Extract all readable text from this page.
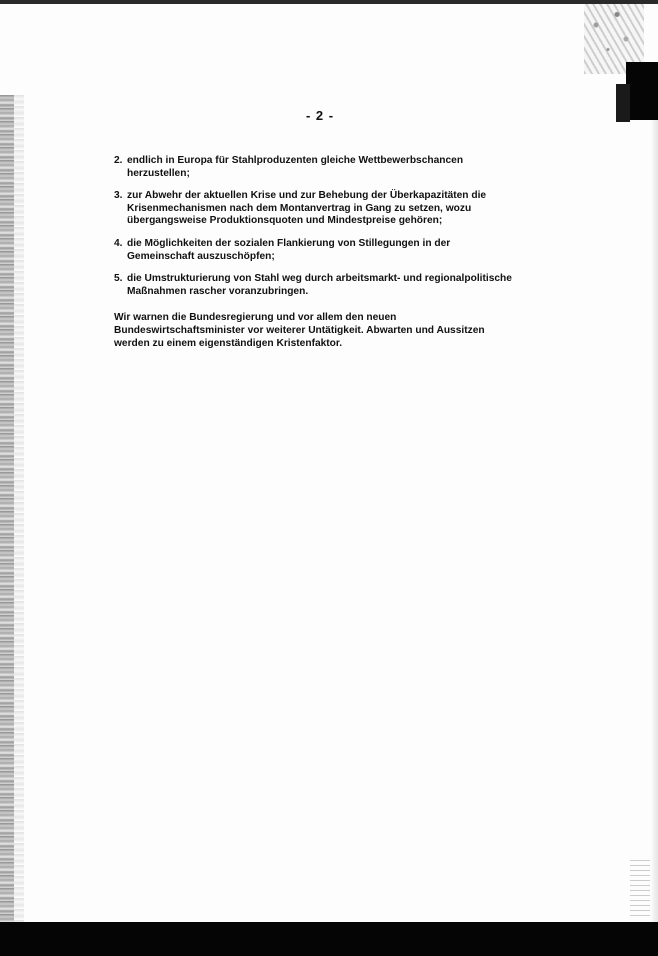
- 2 -
2. endlich in Europa für Stahlproduzenten gleiche Wettbewerbschancen herzustellen;
3. zur Abwehr der aktuellen Krise und zur Behebung der Überkapazitäten die Krisenmechanismen nach dem Montanvertrag in Gang zu setzen, wozu übergangsweise Produktionsquoten und Mindestpreise gehören;
4. die Möglichkeiten der sozialen Flankierung von Stillegungen in der Gemeinschaft auszuschöpfen;
5. die Umstrukturierung von Stahl weg durch arbeitsmarkt- und regionalpolitische Maßnahmen rascher voranzubringen.

Wir warnen die Bundesregierung und vor allem den neuen Bundeswirtschaftsminister vor weiterer Untätigkeit. Abwarten und Aussitzen werden zu einem eigenständigen Kristenfaktor.
